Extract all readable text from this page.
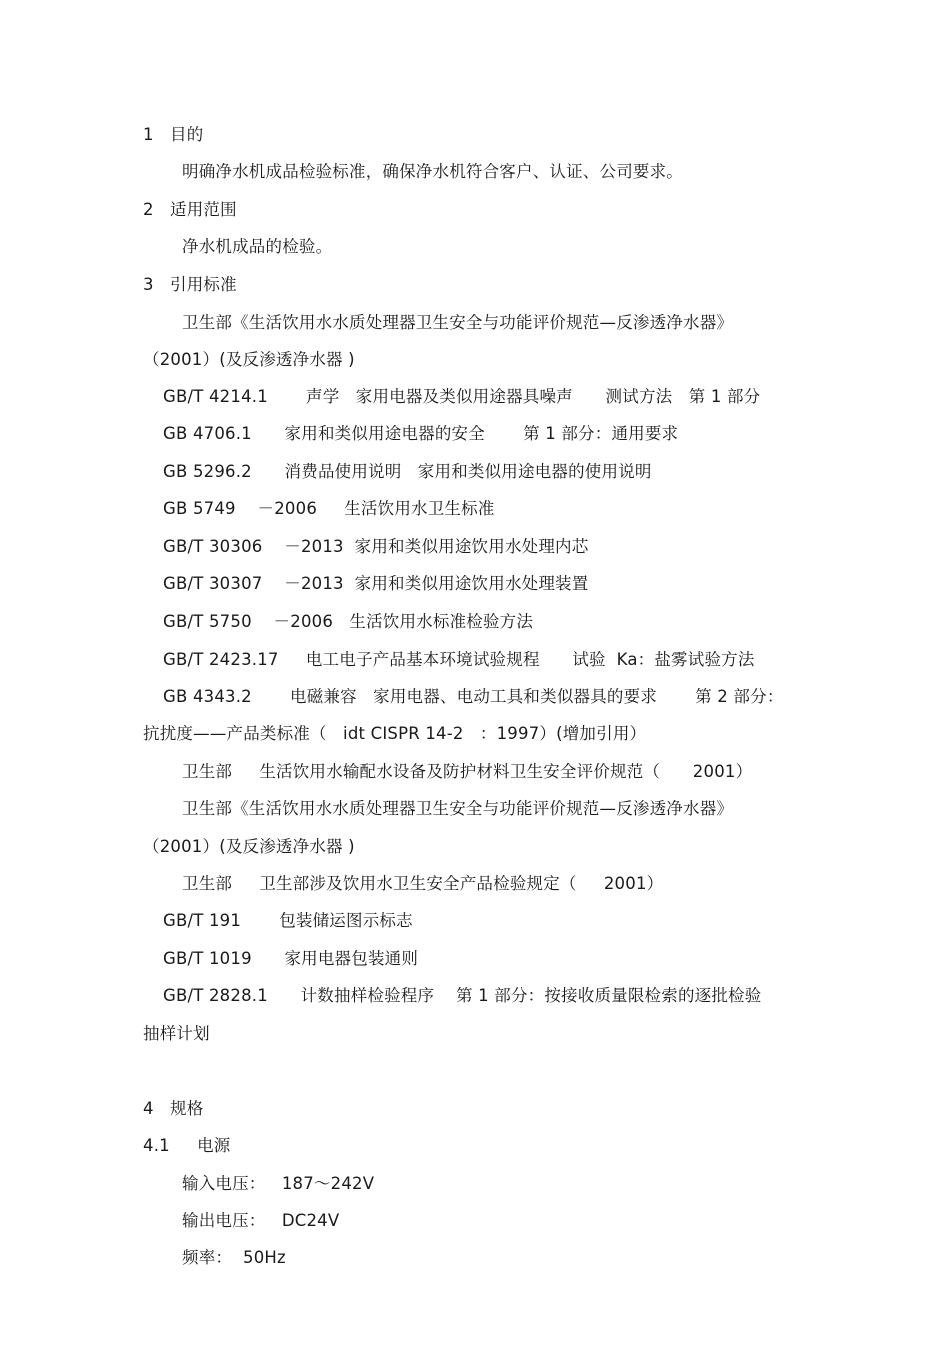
1   目的
明确净水机成品检验标准，确保净水机符合客户、认证、公司要求。
2   适用范围
净水机成品的检验。
3   引用标准
卫生部《生活饮用水水质处理器卫生安全与功能评价规范—反渗透净水器》
（2001）(及反渗透净水器 )
GB/T 4214.1       声学   家用电器及类似用途器具噪声      测试方法   第 1 部分
GB 4706.1      家用和类似用途电器的安全       第 1 部分：通用要求
GB 5296.2      消费品使用说明   家用和类似用途电器的使用说明
GB 5749    －2006     生活饮用水卫生标准
GB/T 30306    －2013  家用和类似用途饮用水处理内芯
GB/T 30307    －2013  家用和类似用途饮用水处理装置
GB/T 5750    －2006   生活饮用水标准检验方法
GB/T 2423.17     电工电子产品基本环境试验规程      试验  Ka：盐雾试验方法
GB 4343.2       电磁兼容   家用电器、电动工具和类似器具的要求       第 2 部分：
抗扰度——产品类标准（   idt CISPR 14-2   ：1997）(增加引用）
卫生部     生活饮用水输配水设备及防护材料卫生安全评价规范（      2001）
卫生部《生活饮用水水质处理器卫生安全与功能评价规范—反渗透净水器》
（2001）(及反渗透净水器 )
卫生部     卫生部涉及饮用水卫生安全产品检验规定（     2001）
GB/T 191       包装储运图示标志
GB/T 1019      家用电器包装通则
GB/T 2828.1      计数抽样检验程序    第 1 部分：按接收质量限检索的逐批检验
抽样计划
4   规格
4.1     电源
输入电压：   187～242V
输出电压：   DC24V
频率：  50Hz
